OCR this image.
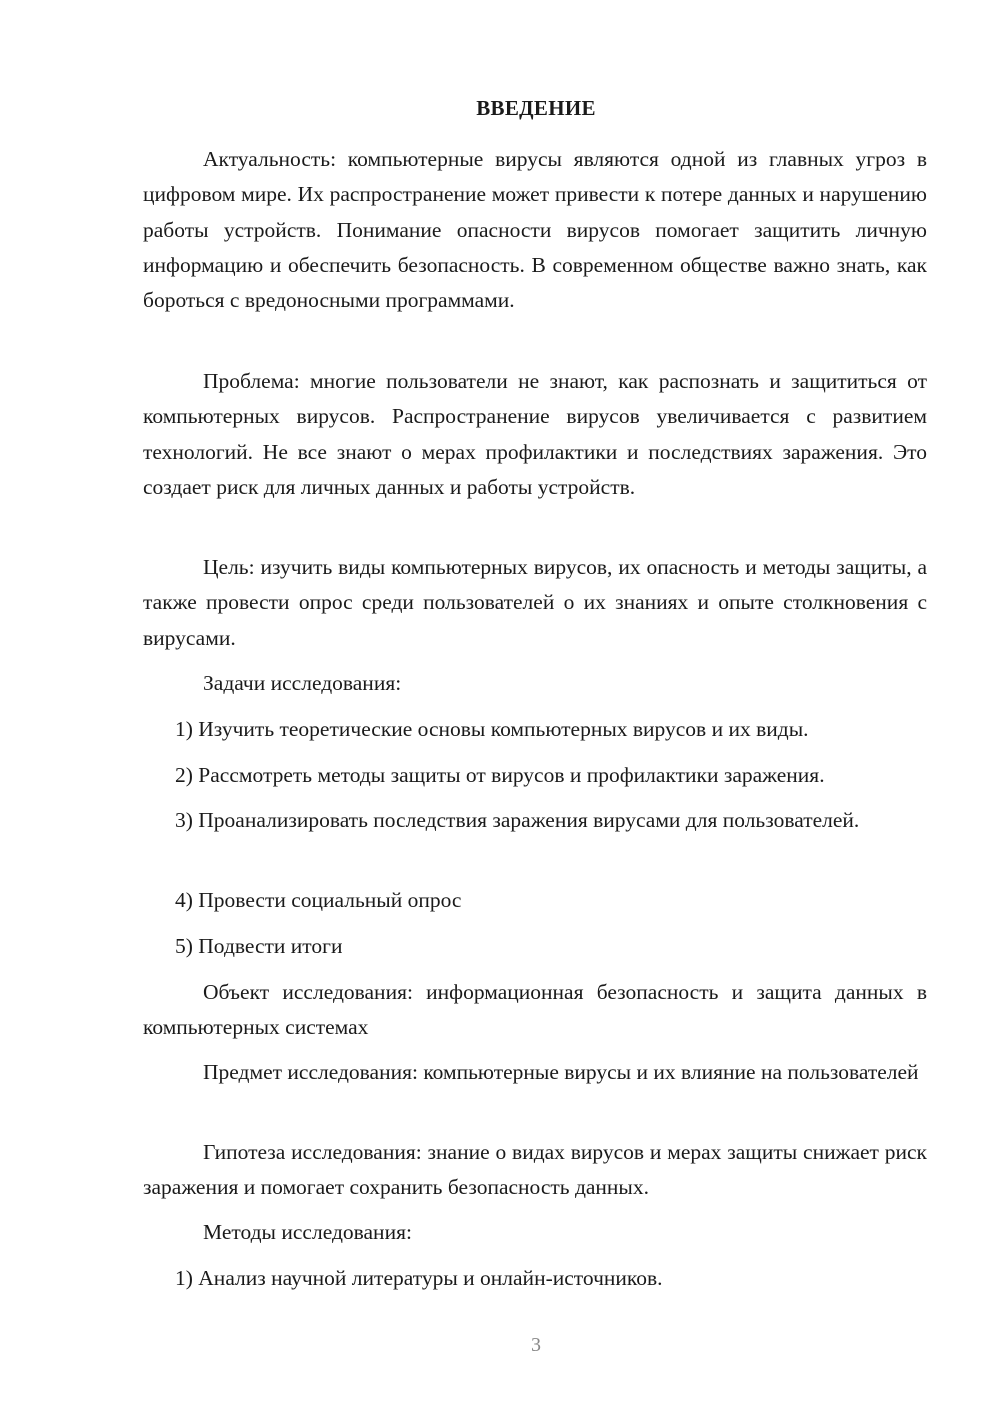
ВВЕДЕНИЕ

Актуальность: компьютерные вирусы являются одной из главных угроз в цифровом мире. Их распространение может привести к потере данных и нарушению работы устройств. Понимание опасности вирусов помогает защитить личную информацию и обеспечить безопасность. В современном обществе важно знать, как бороться с вредоносными программами.

Проблема: многие пользователи не знают, как распознать и защититься от компьютерных вирусов. Распространение вирусов увеличивается с развитием технологий. Не все знают о мерах профилактики и последствиях заражения. Это создает риск для личных данных и работы устройств.

Цель: изучить виды компьютерных вирусов, их опасность и методы защиты, а также провести опрос среди пользователей о их знаниях и опыте столкновения с вирусами.

Задачи исследования:

1) Изучить теоретические основы компьютерных вирусов и их виды.

2) Рассмотреть методы защиты от вирусов и профилактики заражения.

3) Проанализировать последствия заражения вирусами для пользователей.

4) Провести социальный опрос

5) Подвести итоги

Объект исследования: информационная безопасность и защита данных в компьютерных системах

Предмет исследования: компьютерные вирусы и их влияние на пользователей

Гипотеза исследования: знание о видах вирусов и мерах защиты снижает риск заражения и помогает сохранить безопасность данных.

Методы исследования:

1) Анализ научной литературы и онлайн-источников.

3
